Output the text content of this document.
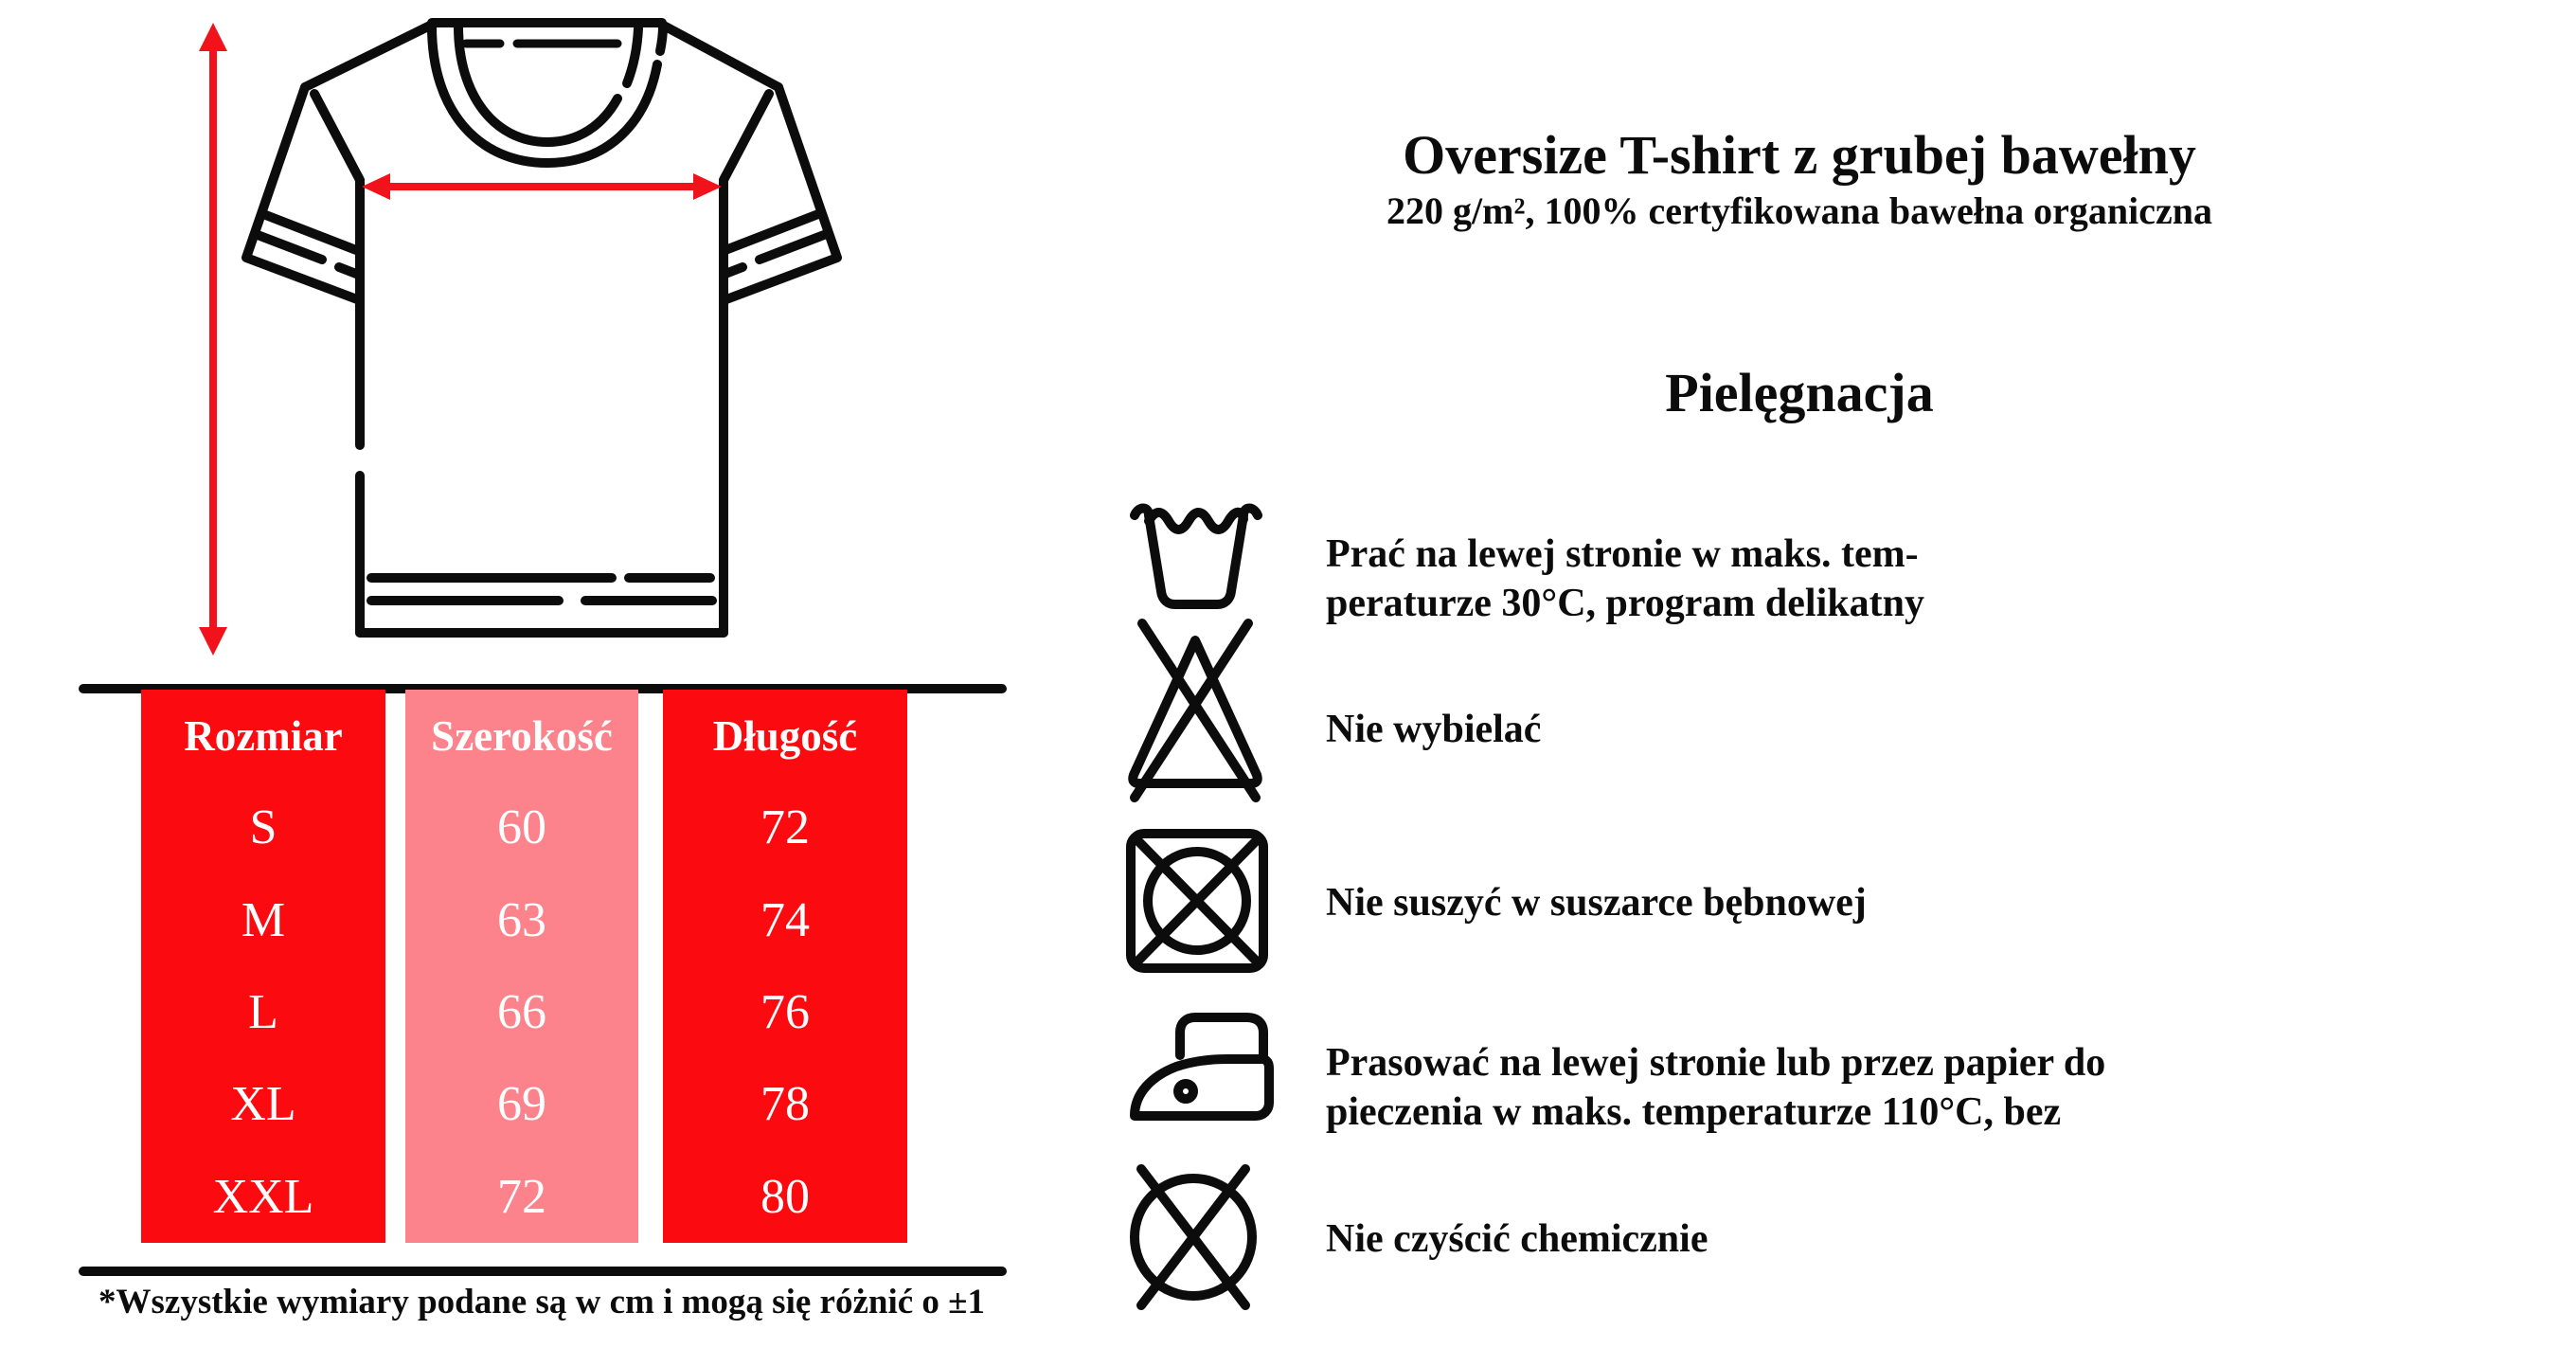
Rozmiar
S
M
L
XL
XXL
Szerokość
60
63
66
69
72
Długość
72
74
76
78
80
*Wszystkie wymiary podane są w cm i mogą się różnić o ±1
Oversize T-shirt z grubej bawełny
220 g/m², 100% certyfikowana bawełna organiczna
Pielęgnacja
Prać na lewej stronie w maks. tem-
peraturze 30°C, program delikatny
Nie wybielać
Nie suszyć w suszarce bębnowej
Prasować na lewej stronie lub przez papier do
pieczenia w maks. temperaturze 110°C, bez
Nie czyścić chemicznie
